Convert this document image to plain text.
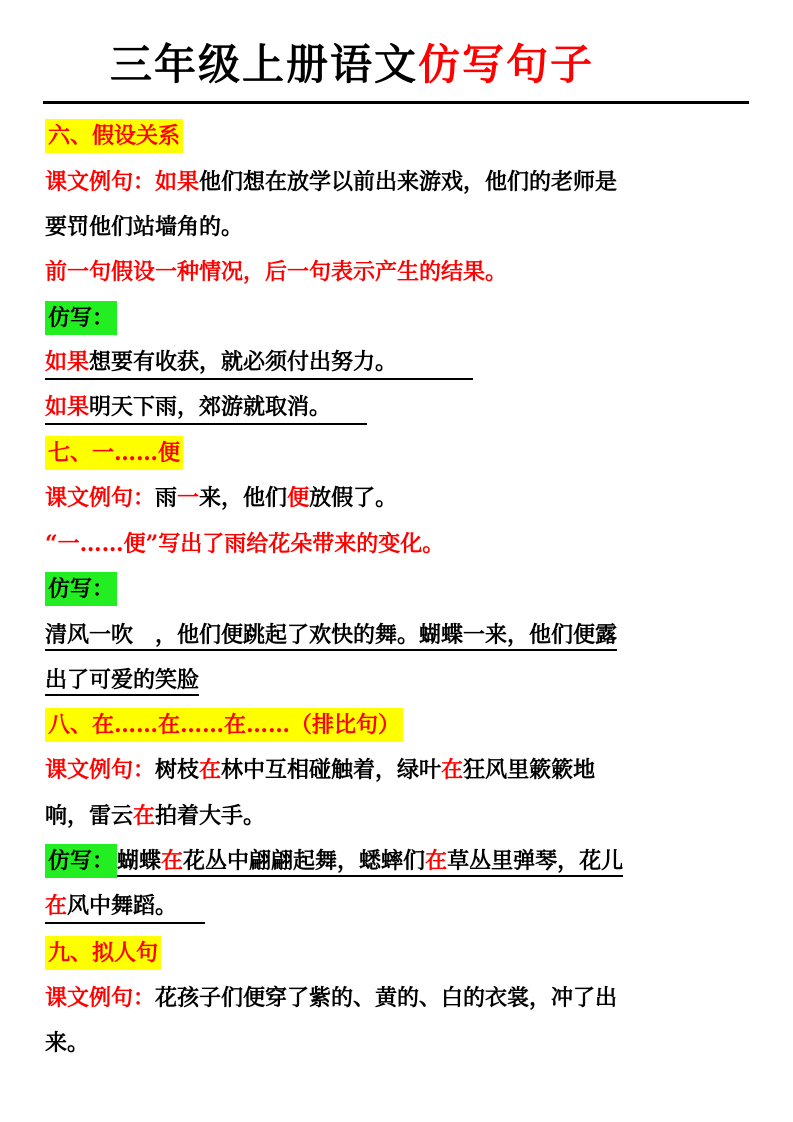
三年级上册语文仿写句子
六、假设关系
课文例句：如果他们想在放学以前出来游戏，他们的老师是
要罚他们站墙角的。
前一句假设一种情况，后一句表示产生的结果。
仿写：
如果想要有收获，就必须付出努力。
如果明天下雨，郊游就取消。
七、一……便
课文例句：雨一来，他们便放假了。
“一……便”写出了雨给花朵带来的变化。
仿写：
清风一吹　，他们便跳起了欢快的舞。蝴蝶一来，他们便露
出了可爱的笑脸
八、在……在……在……（排比句）
课文例句：树枝在林中互相碰触着，绿叶在狂风里簌簌地
响，雷云在拍着大手。
仿写： 蝴蝶在花丛中翩翩起舞，蟋蟀们在草丛里弹琴，花儿
在风中舞蹈。
九、拟人句
课文例句：花孩子们便穿了紫的、黄的、白的衣裳，冲了出
来。
